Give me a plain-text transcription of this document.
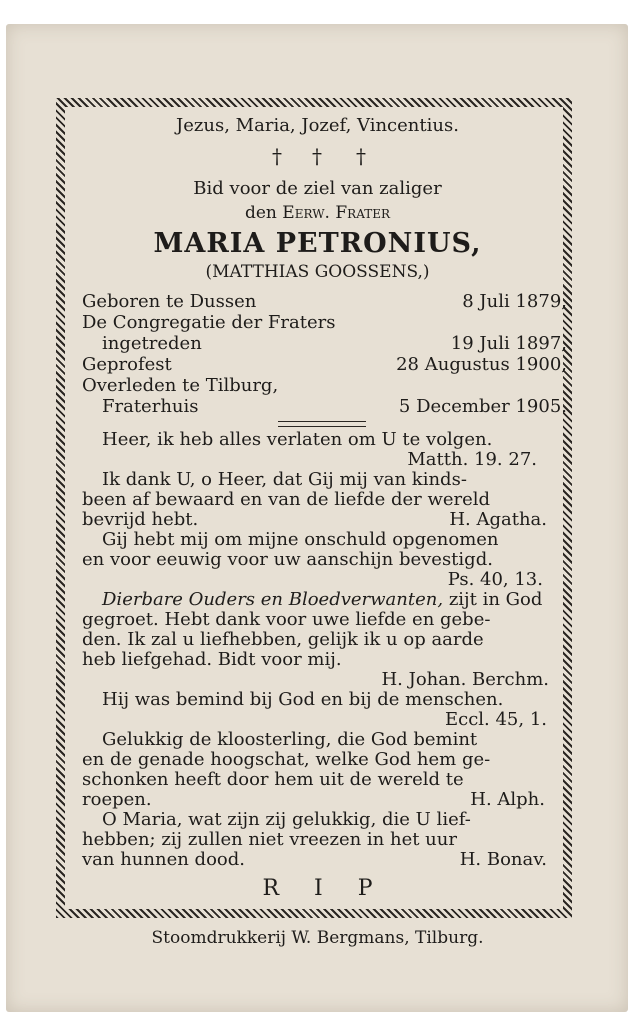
Jezus, Maria, Jozef, Vincentius.
† † †
Bid voor de ziel van zaliger
den Eerw. Frater
MARIA PETRONIUS,
(MATTHIAS GOOSSENS,)
Geboren te Dussen	8 Juli 1879,
De Congregatie der Fraters
ingetreden	19 Juli 1897,
Geprofest	28 Augustus 1900,
Overleden te Tilburg,
Fraterhuis	5 December 1905.
Heer, ik heb alles verlaten om U te volgen.
Matth. 19. 27.
Ik dank U, o Heer, dat Gij mij van kinds-
been af bewaard en van de liefde der wereld
bevrijd hebt.	H. Agatha.
Gij hebt mij om mijne onschuld opgenomen
en voor eeuwig voor uw aanschijn bevestigd.
Ps. 40, 13.
Dierbare Ouders en Bloedverwanten, zijt in God
gegroet. Hebt dank voor uwe liefde en gebe-
den. Ik zal u liefhebben, gelijk ik u op aarde
heb liefgehad. Bidt voor mij.
H. Johan. Berchm.
Hij was bemind bij God en bij de menschen.
Eccl. 45, 1.
Gelukkig de kloosterling, die God bemint
en de genade hoogschat, welke God hem ge-
schonken heeft door hem uit de wereld te
roepen.	H. Alph.
O Maria, wat zijn zij gelukkig, die U lief-
hebben; zij zullen niet vreezen in het uur
van hunnen dood.	H. Bonav.
R I P
Stoomdrukkerij W. Bergmans, Tilburg.
